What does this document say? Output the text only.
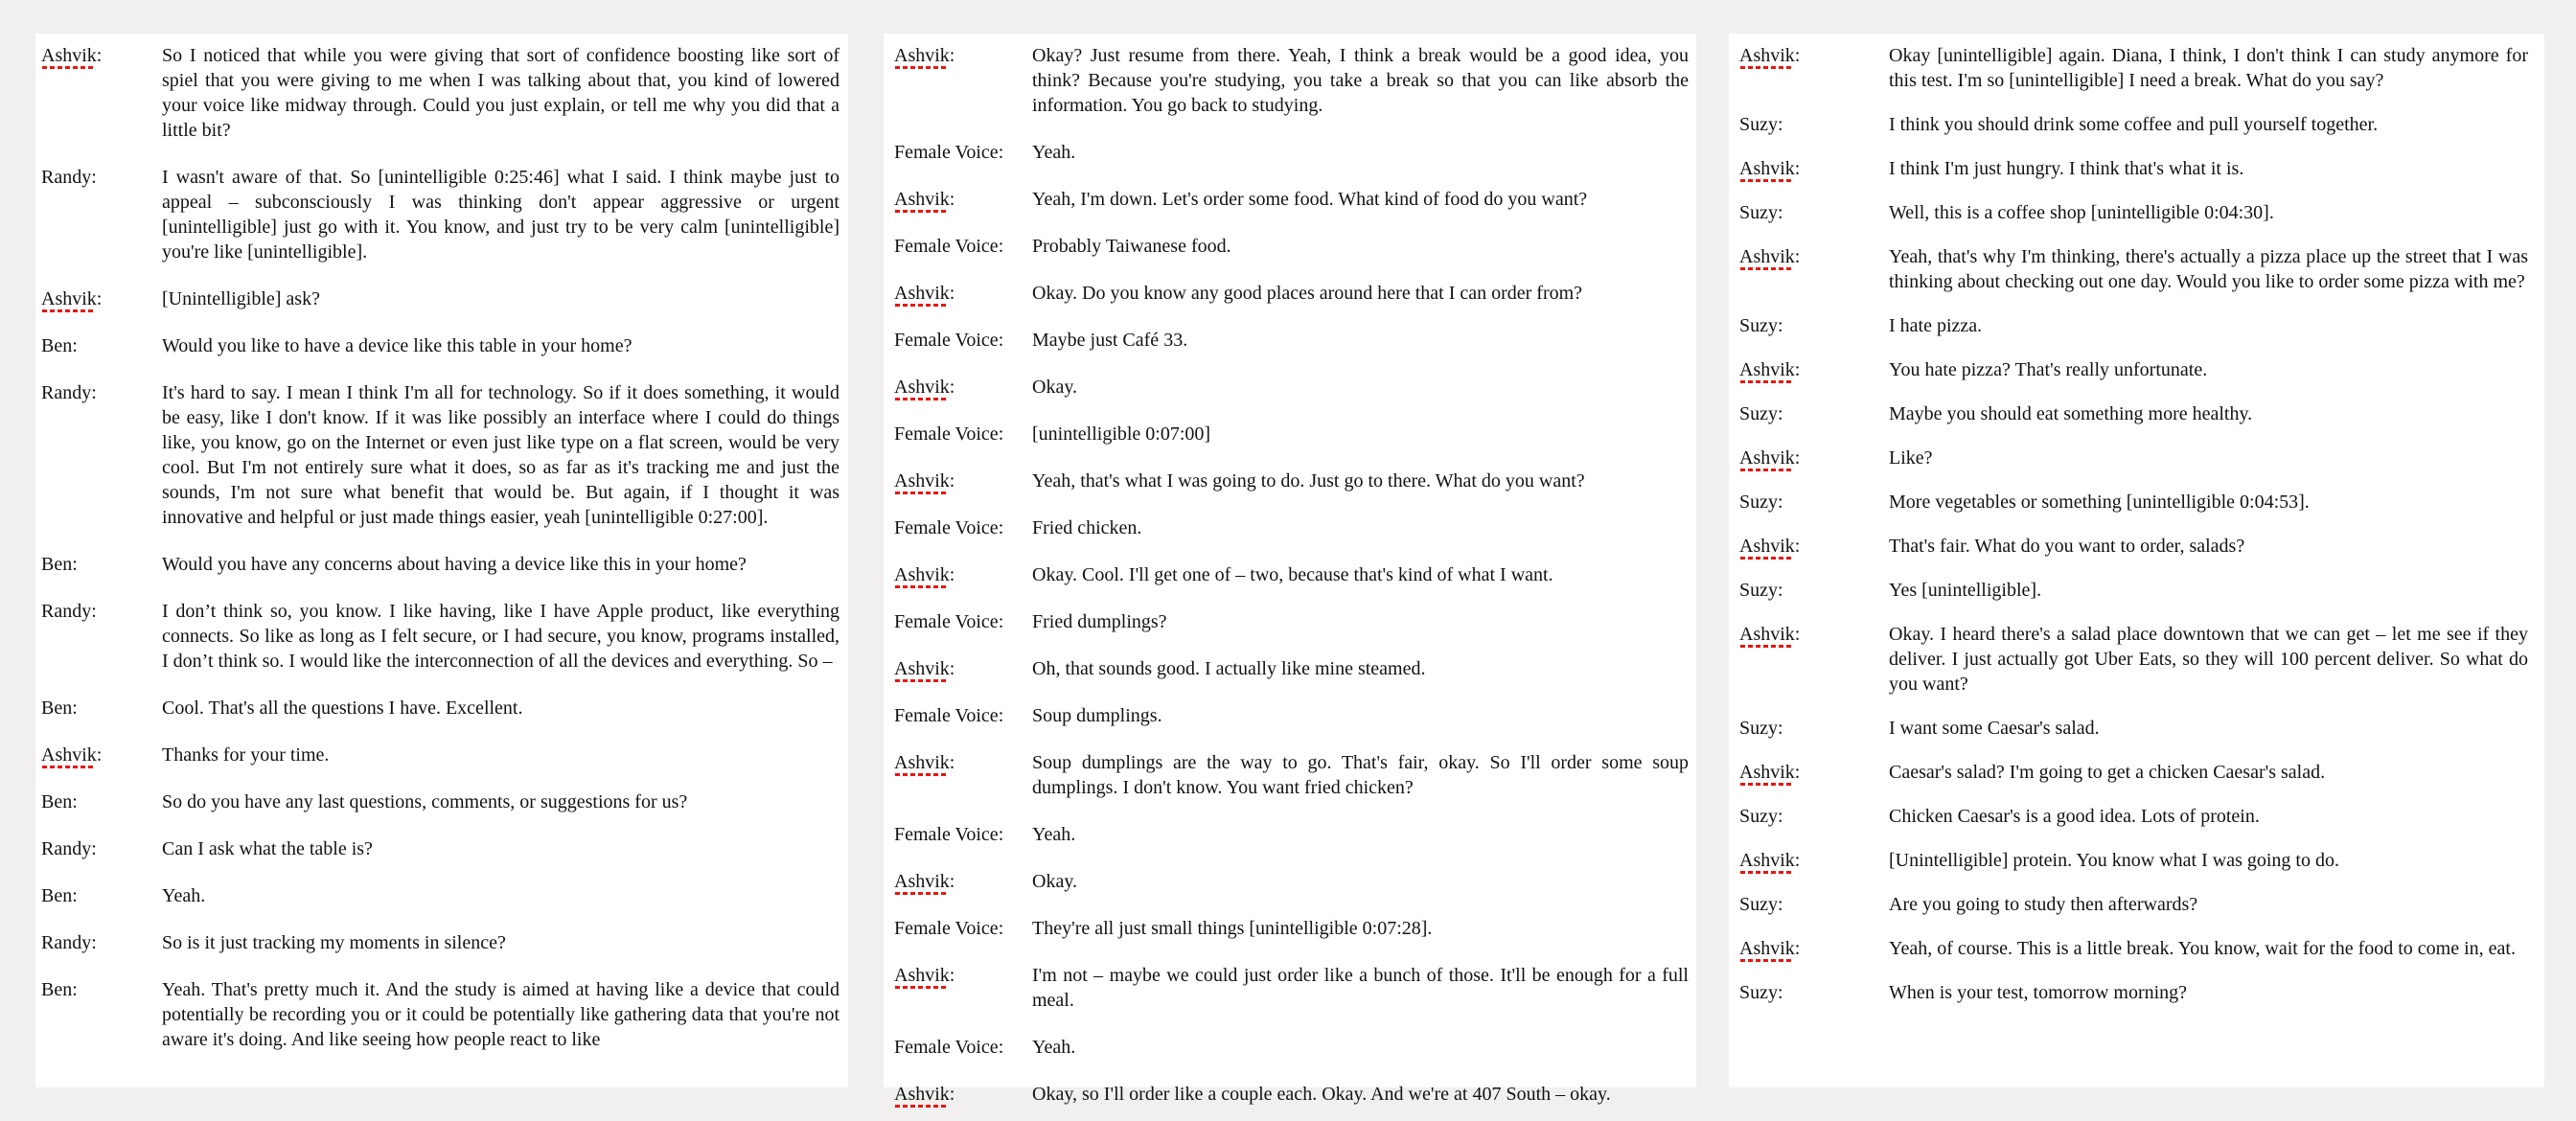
Ashvik:	So I noticed that while you were giving that sort of confidence boosting like sort of spiel that you were giving to me when I was talking about that, you kind of lowered your voice like midway through. Could you just explain, or tell me why you did that a little bit?
Randy:	I wasn't aware of that. So [unintelligible 0:25:46] what I said. I think maybe just to appeal – subconsciously I was thinking don't appear aggressive or urgent [unintelligible] just go with it. You know, and just try to be very calm [unintelligible] you're like [unintelligible].
Ashvik:	[Unintelligible] ask?
Ben:	Would you like to have a device like this table in your home?
Randy:	It's hard to say. I mean I think I'm all for technology. So if it does something, it would be easy, like I don't know. If it was like possibly an interface where I could do things like, you know, go on the Internet or even just like type on a flat screen, would be very cool. But I'm not entirely sure what it does, so as far as it's tracking me and just the sounds, I'm not sure what benefit that would be. But again, if I thought it was innovative and helpful or just made things easier, yeah [unintelligible 0:27:00].
Ben:	Would you have any concerns about having a device like this in your home?
Randy:	I don’t think so, you know. I like having, like I have Apple product, like everything connects. So like as long as I felt secure, or I had secure, you know, programs installed, I don’t think so. I would like the interconnection of all the devices and everything. So –
Ben:	Cool. That's all the questions I have. Excellent.
Ashvik:	Thanks for your time.
Ben:	So do you have any last questions, comments, or suggestions for us?
Randy:	Can I ask what the table is?
Ben:	Yeah.
Randy:	So is it just tracking my moments in silence?
Ben:	Yeah. That's pretty much it. And the study is aimed at having like a device that could potentially be recording you or it could be potentially like gathering data that you're not aware it's doing. And like seeing how people react to like
Ashvik:	Okay? Just resume from there. Yeah, I think a break would be a good idea, you think? Because you're studying, you take a break so that you can like absorb the information. You go back to studying.
Female Voice:	Yeah.
Ashvik:	Yeah, I'm down. Let's order some food. What kind of food do you want?
Female Voice:	Probably Taiwanese food.
Ashvik:	Okay. Do you know any good places around here that I can order from?
Female Voice:	Maybe just Café 33.
Ashvik:	Okay.
Female Voice:	[unintelligible 0:07:00]
Ashvik:	Yeah, that's what I was going to do. Just go to there. What do you want?
Female Voice:	Fried chicken.
Ashvik:	Okay. Cool. I'll get one of – two, because that's kind of what I want.
Female Voice:	Fried dumplings?
Ashvik:	Oh, that sounds good. I actually like mine steamed.
Female Voice:	Soup dumplings.
Ashvik:	Soup dumplings are the way to go. That's fair, okay. So I'll order some soup dumplings. I don't know. You want fried chicken?
Female Voice:	Yeah.
Ashvik:	Okay.
Female Voice:	They're all just small things [unintelligible 0:07:28].
Ashvik:	I'm not – maybe we could just order like a bunch of those. It'll be enough for a full meal.
Female Voice:	Yeah.
Ashvik:	Okay, so I'll order like a couple each. Okay. And we're at 407 South – okay.
Ashvik:	Okay [unintelligible] again. Diana, I think, I don't think I can study anymore for this test. I'm so [unintelligible] I need a break. What do you say?
Suzy:	I think you should drink some coffee and pull yourself together.
Ashvik:	I think I'm just hungry. I think that's what it is.
Suzy:	Well, this is a coffee shop [unintelligible 0:04:30].
Ashvik:	Yeah, that's why I'm thinking, there's actually a pizza place up the street that I was thinking about checking out one day. Would you like to order some pizza with me?
Suzy:	I hate pizza.
Ashvik:	You hate pizza? That's really unfortunate.
Suzy:	Maybe you should eat something more healthy.
Ashvik:	Like?
Suzy:	More vegetables or something [unintelligible 0:04:53].
Ashvik:	That's fair. What do you want to order, salads?
Suzy:	Yes [unintelligible].
Ashvik:	Okay. I heard there's a salad place downtown that we can get – let me see if they deliver. I just actually got Uber Eats, so they will 100 percent deliver. So what do you want?
Suzy:	I want some Caesar's salad.
Ashvik:	Caesar's salad? I'm going to get a chicken Caesar's salad.
Suzy:	Chicken Caesar's is a good idea. Lots of protein.
Ashvik:	[Unintelligible] protein. You know what I was going to do.
Suzy:	Are you going to study then afterwards?
Ashvik:	Yeah, of course. This is a little break. You know, wait for the food to come in, eat.
Suzy:	When is your test, tomorrow morning?
